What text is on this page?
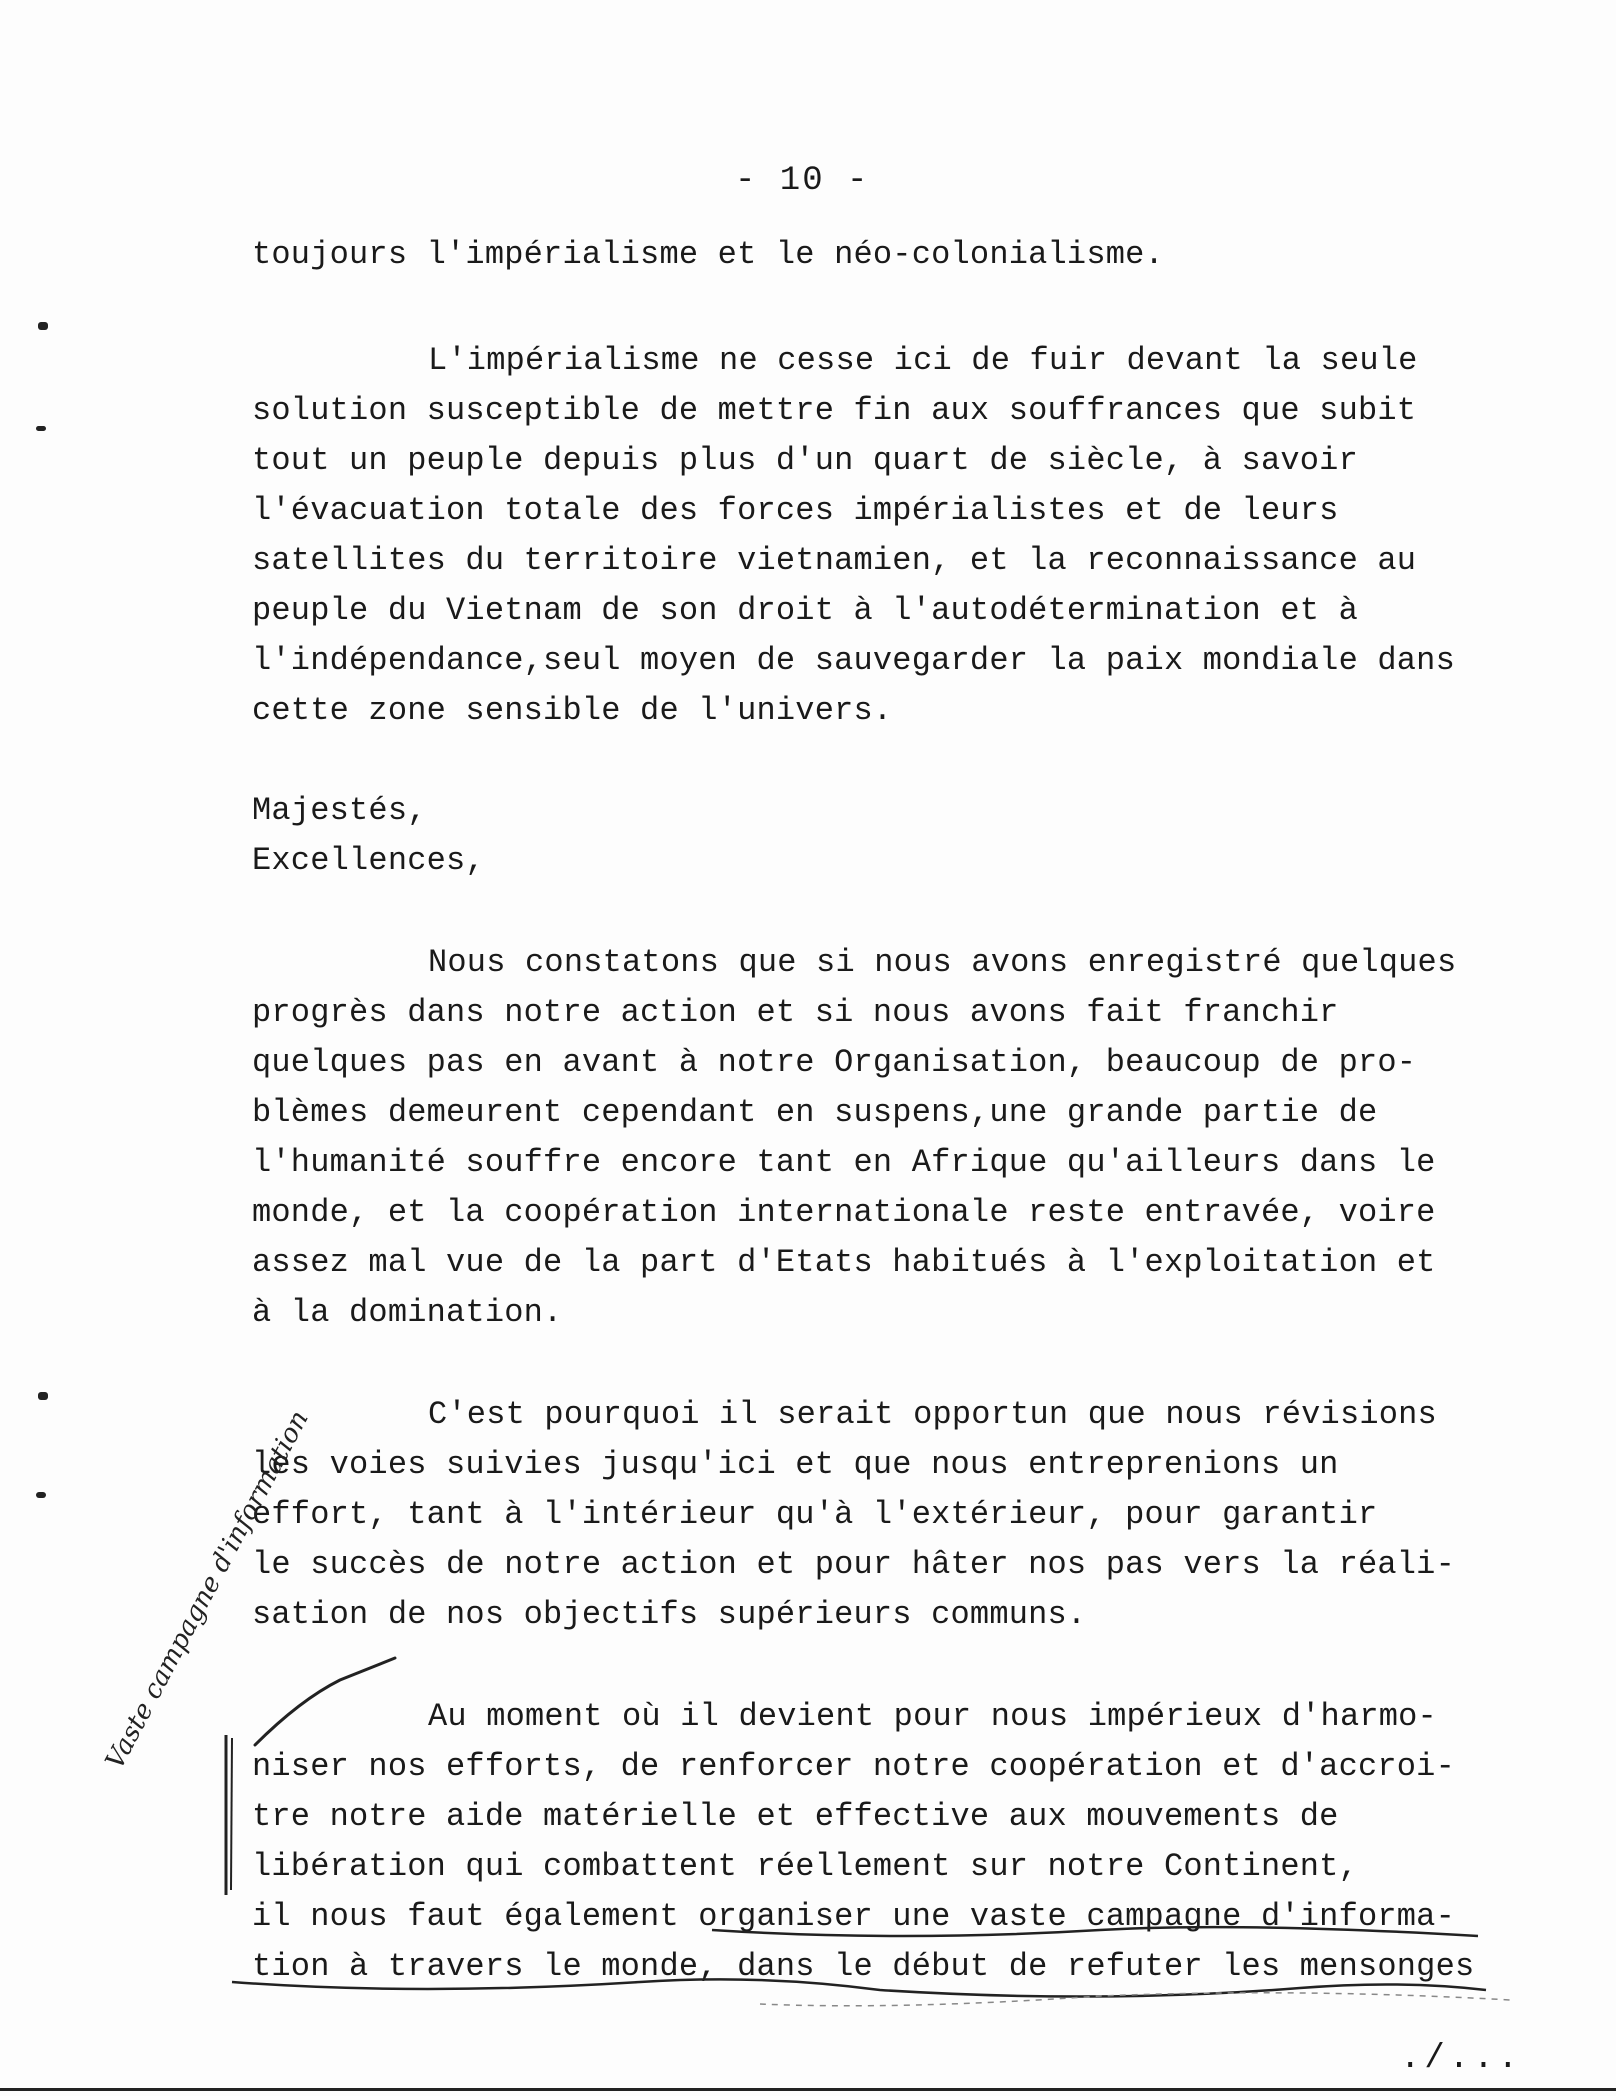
- 10 -
toujours l'impérialisme et le néo-colonialisme.
L'impérialisme ne cesse ici de fuir devant la seule
solution susceptible de mettre fin aux souffrances que subit
tout un peuple depuis plus d'un quart de siècle, à savoir
l'évacuation totale des forces impérialistes et de leurs
satellites du territoire vietnamien, et la reconnaissance au
peuple du Vietnam de son droit à l'autodétermination et à
l'indépendance,seul moyen de sauvegarder la paix mondiale dans
cette zone sensible de l'univers.
Majestés,
Excellences,
Nous constatons que si nous avons enregistré quelques
progrès dans notre action et si nous avons fait franchir
quelques pas en avant à notre Organisation, beaucoup de pro-
blèmes demeurent cependant en suspens,une grande partie de
l'humanité souffre encore tant en Afrique qu'ailleurs dans le
monde, et la coopération internationale reste entravée, voire
assez mal vue de la part d'Etats habitués à l'exploitation et
à la domination.
C'est pourquoi il serait opportun que nous révisions
les voies suivies jusqu'ici et que nous entreprenions un
effort, tant à l'intérieur qu'à l'extérieur, pour garantir
le succès de notre action et pour hâter nos pas vers la réali-
sation de nos objectifs supérieurs communs.
Au moment où il devient pour nous impérieux d'harmo-
niser nos efforts, de renforcer notre coopération et d'accroi-
tre notre aide matérielle et effective aux mouvements de
libération qui combattent réellement sur notre Continent,
il nous faut également organiser une vaste campagne d'informa-
tion à travers le monde, dans le début de refuter les mensonges
Vaste campagne d'information
./...
